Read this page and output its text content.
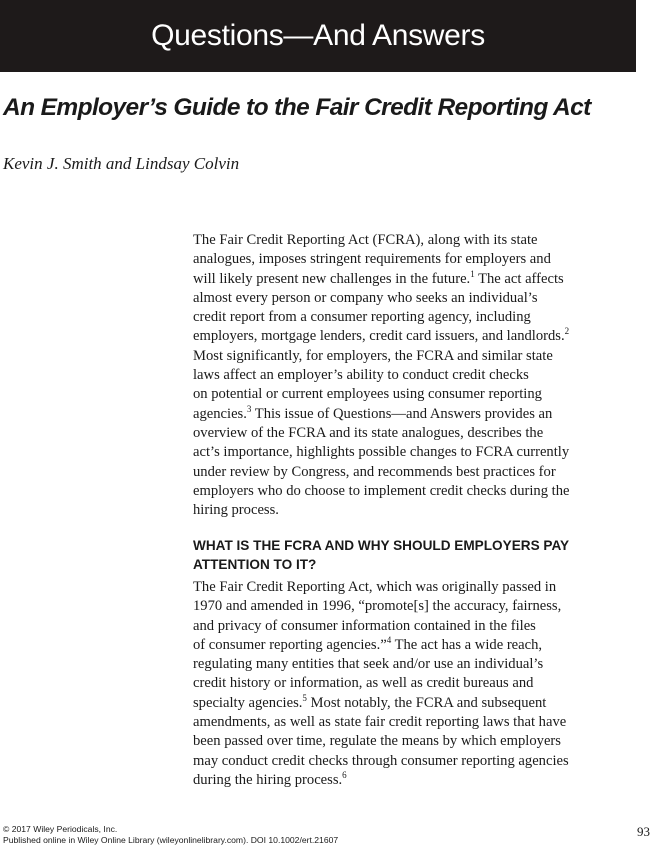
Questions—And Answers
An Employer’s Guide to the Fair Credit Reporting Act

Kevin J. Smith and Lindsay Colvin

The Fair Credit Reporting Act (FCRA), along with its state
analogues, imposes stringent requirements for employers and
will likely present new challenges in the future.$^1$ The act affects
almost every person or company who seeks an individual’s
credit report from a consumer reporting agency, including
employers, mortgage lenders, credit card issuers, and landlords.$^2$
Most significantly, for employers, the FCRA and similar state
laws affect an employer’s ability to conduct credit checks
on potential or current employees using consumer reporting
agencies.$^3$ This issue of Questions—and Answers provides an
overview of the FCRA and its state analogues, describes the
act’s importance, highlights possible changes to FCRA currently
under review by Congress, and recommends best practices for
employers who do choose to implement credit checks during the
hiring process.
WHAT IS THE FCRA AND WHY SHOULD EMPLOYERS PAY
ATTENTION TO IT?
The Fair Credit Reporting Act, which was originally passed in
1970 and amended in 1996, “promote[s] the accuracy, fairness,
and privacy of consumer information contained in the files
of consumer reporting agencies.”$^4$ The act has a wide reach,
regulating many entities that seek and/or use an individual’s
credit history or information, as well as credit bureaus and
specialty agencies.$^5$ Most notably, the FCRA and subsequent
amendments, as well as state fair credit reporting laws that have
been passed over time, regulate the means by which employers
may conduct credit checks through consumer reporting agencies
during the hiring process.$^6$
© 2017 Wiley Periodicals, Inc.
Published online in Wiley Online Library (wileyonlinelibrary.com). DOI 10.1002/ert.21607
93
